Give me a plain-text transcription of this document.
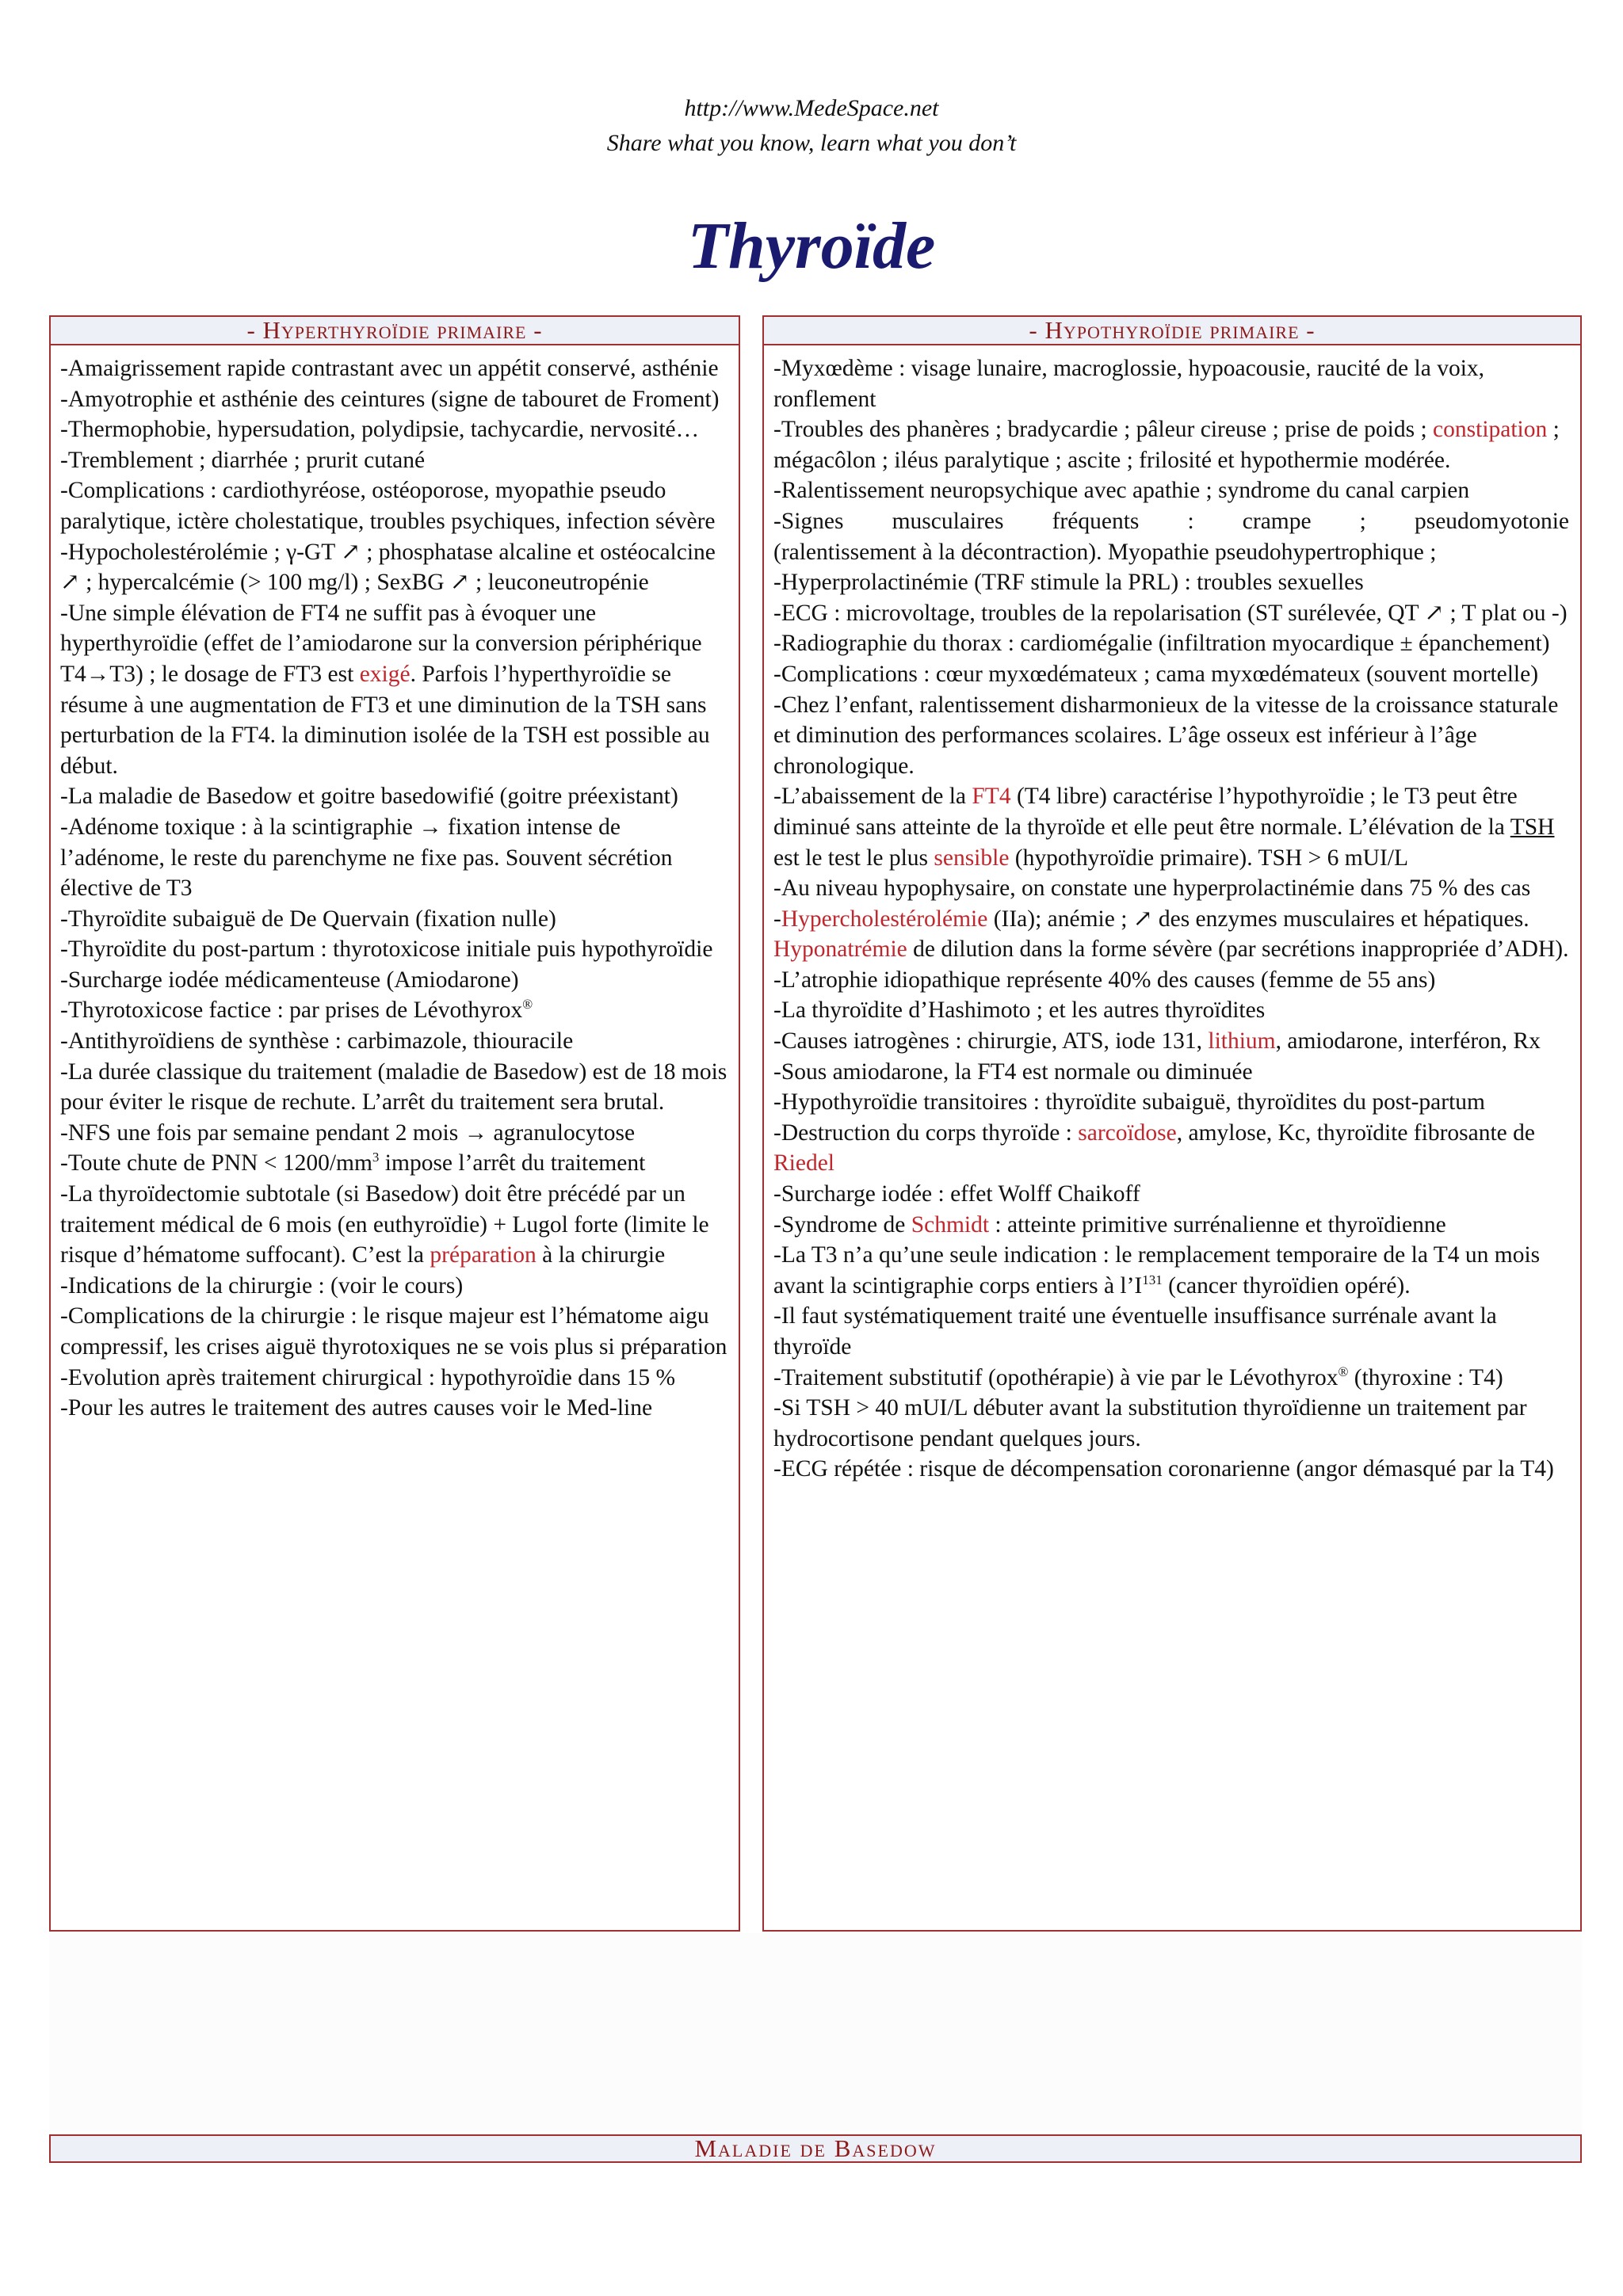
http://www.MedeSpace.net
Share what you know, learn what you don’t
Thyroïde
- Hyperthyroïdie primaire -
-Amaigrissement rapide contrastant avec un appétit conservé, asthénie
-Amyotrophie et asthénie des ceintures (signe de tabouret de Froment)
-Thermophobie, hypersudation, polydipsie, tachycardie, nervosité…
-Tremblement ; diarrhée ; prurit cutané
-Complications : cardiothyréose, ostéoporose, myopathie pseudo paralytique, ictère cholestatique, troubles psychiques, infection sévère
-Hypocholestérolémie ; γ-GT ↗ ; phosphatase alcaline et ostéocalcine ↗ ; hypercalcémie (> 100 mg/l) ; SexBG ↗ ; leuconeutropénie
-Une simple élévation de FT4 ne suffit pas à évoquer une hyperthyroïdie (effet de l’amiodarone sur la conversion périphérique T4→T3) ; le dosage de FT3 est exigé. Parfois l’hyperthyroïdie se résume à une augmentation de FT3 et une diminution de la TSH sans perturbation de la FT4. la diminution isolée de la TSH est possible au début.
-La maladie de Basedow et goitre basedowifié (goitre préexistant)
-Adénome toxique : à la scintigraphie → fixation intense de l’adénome, le reste du parenchyme ne fixe pas. Souvent sécrétion élective de T3
-Thyroïdite subaiguë de De Quervain (fixation nulle)
-Thyroïdite du post-partum : thyrotoxicose initiale puis hypothyroïdie
-Surcharge iodée médicamenteuse (Amiodarone)
-Thyrotoxicose factice : par prises de Lévothyrox®
-Antithyroïdiens de synthèse : carbimazole, thiouracile
-La durée classique du traitement (maladie de Basedow) est de 18 mois pour éviter le risque de rechute. L’arrêt du traitement sera brutal.
-NFS une fois par semaine pendant 2 mois → agranulocytose
-Toute chute de PNN < $1200/mm^3$ impose l’arrêt du traitement
-La thyroïdectomie subtotale (si Basedow) doit être précédé par un traitement médical de 6 mois (en euthyroïdie) + Lugol forte (limite le risque d’hématome suffocant). C’est la préparation à la chirurgie
-Indications de la chirurgie : (voir le cours)
-Complications de la chirurgie : le risque majeur est l’hématome aigu compressif, les crises aiguë thyrotoxiques ne se vois plus si préparation
-Evolution après traitement chirurgical : hypothyroïdie dans 15 %
-Pour les autres le traitement des autres causes voir le Med-line
- Hypothyroïdie primaire -
-Myxœdème : visage lunaire, macroglossie, hypoacousie, raucité de la voix, ronflement
-Troubles des phanères ; bradycardie ; pâleur cireuse ; prise de poids ; constipation ; mégacôlon ; iléus paralytique ; ascite ; frilosité et hypothermie modérée.
-Ralentissement neuropsychique avec apathie ; syndrome du canal carpien
-Signes musculaires fréquents : crampe ; pseudomyotonie
(ralentissement à la décontraction). Myopathie pseudohypertrophique ;
-Hyperprolactinémie (TRF stimule la PRL) : troubles sexuelles
-ECG : microvoltage, troubles de la repolarisation (ST surélevée, QT ↗ ; T plat ou -)
-Radiographie du thorax : cardiomégalie (infiltration myocardique ± épanchement)
-Complications : cœur myxœdémateux ; cama myxœdémateux (souvent mortelle)
-Chez l’enfant, ralentissement disharmonieux de la vitesse de la croissance staturale et diminution des performances scolaires. L’âge osseux est inférieur à l’âge chronologique.
-L’abaissement de la FT4 (T4 libre) caractérise l’hypothyroïdie ; le T3 peut être diminué sans atteinte de la thyroïde et elle peut être normale. L’élévation de la TSH est le test le plus sensible (hypothyroïdie primaire). TSH > 6 mUI/L
-Au niveau hypophysaire, on constate une hyperprolactinémie dans 75 % des cas
-Hypercholestérolémie (IIa); anémie ; ↗ des enzymes musculaires et hépatiques. Hyponatrémie de dilution dans la forme sévère (par secrétions inappropriée d’ADH).
-L’atrophie idiopathique représente 40% des causes (femme de 55 ans)
-La thyroïdite d’Hashimoto ; et les autres thyroïdites
-Causes iatrogènes : chirurgie, ATS, iode 131, lithium, amiodarone, interféron, Rx
-Sous amiodarone, la FT4 est normale ou diminuée
-Hypothyroïdie transitoires : thyroïdite subaiguë, thyroïdites du post-partum
-Destruction du corps thyroïde : sarcoïdose, amylose, Kc, thyroïdite fibrosante de Riedel
-Surcharge iodée : effet Wolff Chaikoff
-Syndrome de Schmidt : atteinte primitive surrénalienne et thyroïdienne
-La T3 n’a qu’une seule indication : le remplacement temporaire de la T4 un mois avant la scintigraphie corps entiers à $l’I^{131}$ (cancer thyroïdien opéré).
-Il faut systématiquement traité une éventuelle insuffisance surrénale avant la thyroïde
-Traitement substitutif (opothérapie) à vie par le Lévothyrox® (thyroxine : T4)
-Si TSH > 40 mUI/L débuter avant la substitution thyroïdienne un traitement par hydrocortisone pendant quelques jours.
-ECG répétée : risque de décompensation coronarienne (angor démasqué par la T4)
Maladie de Basedow
